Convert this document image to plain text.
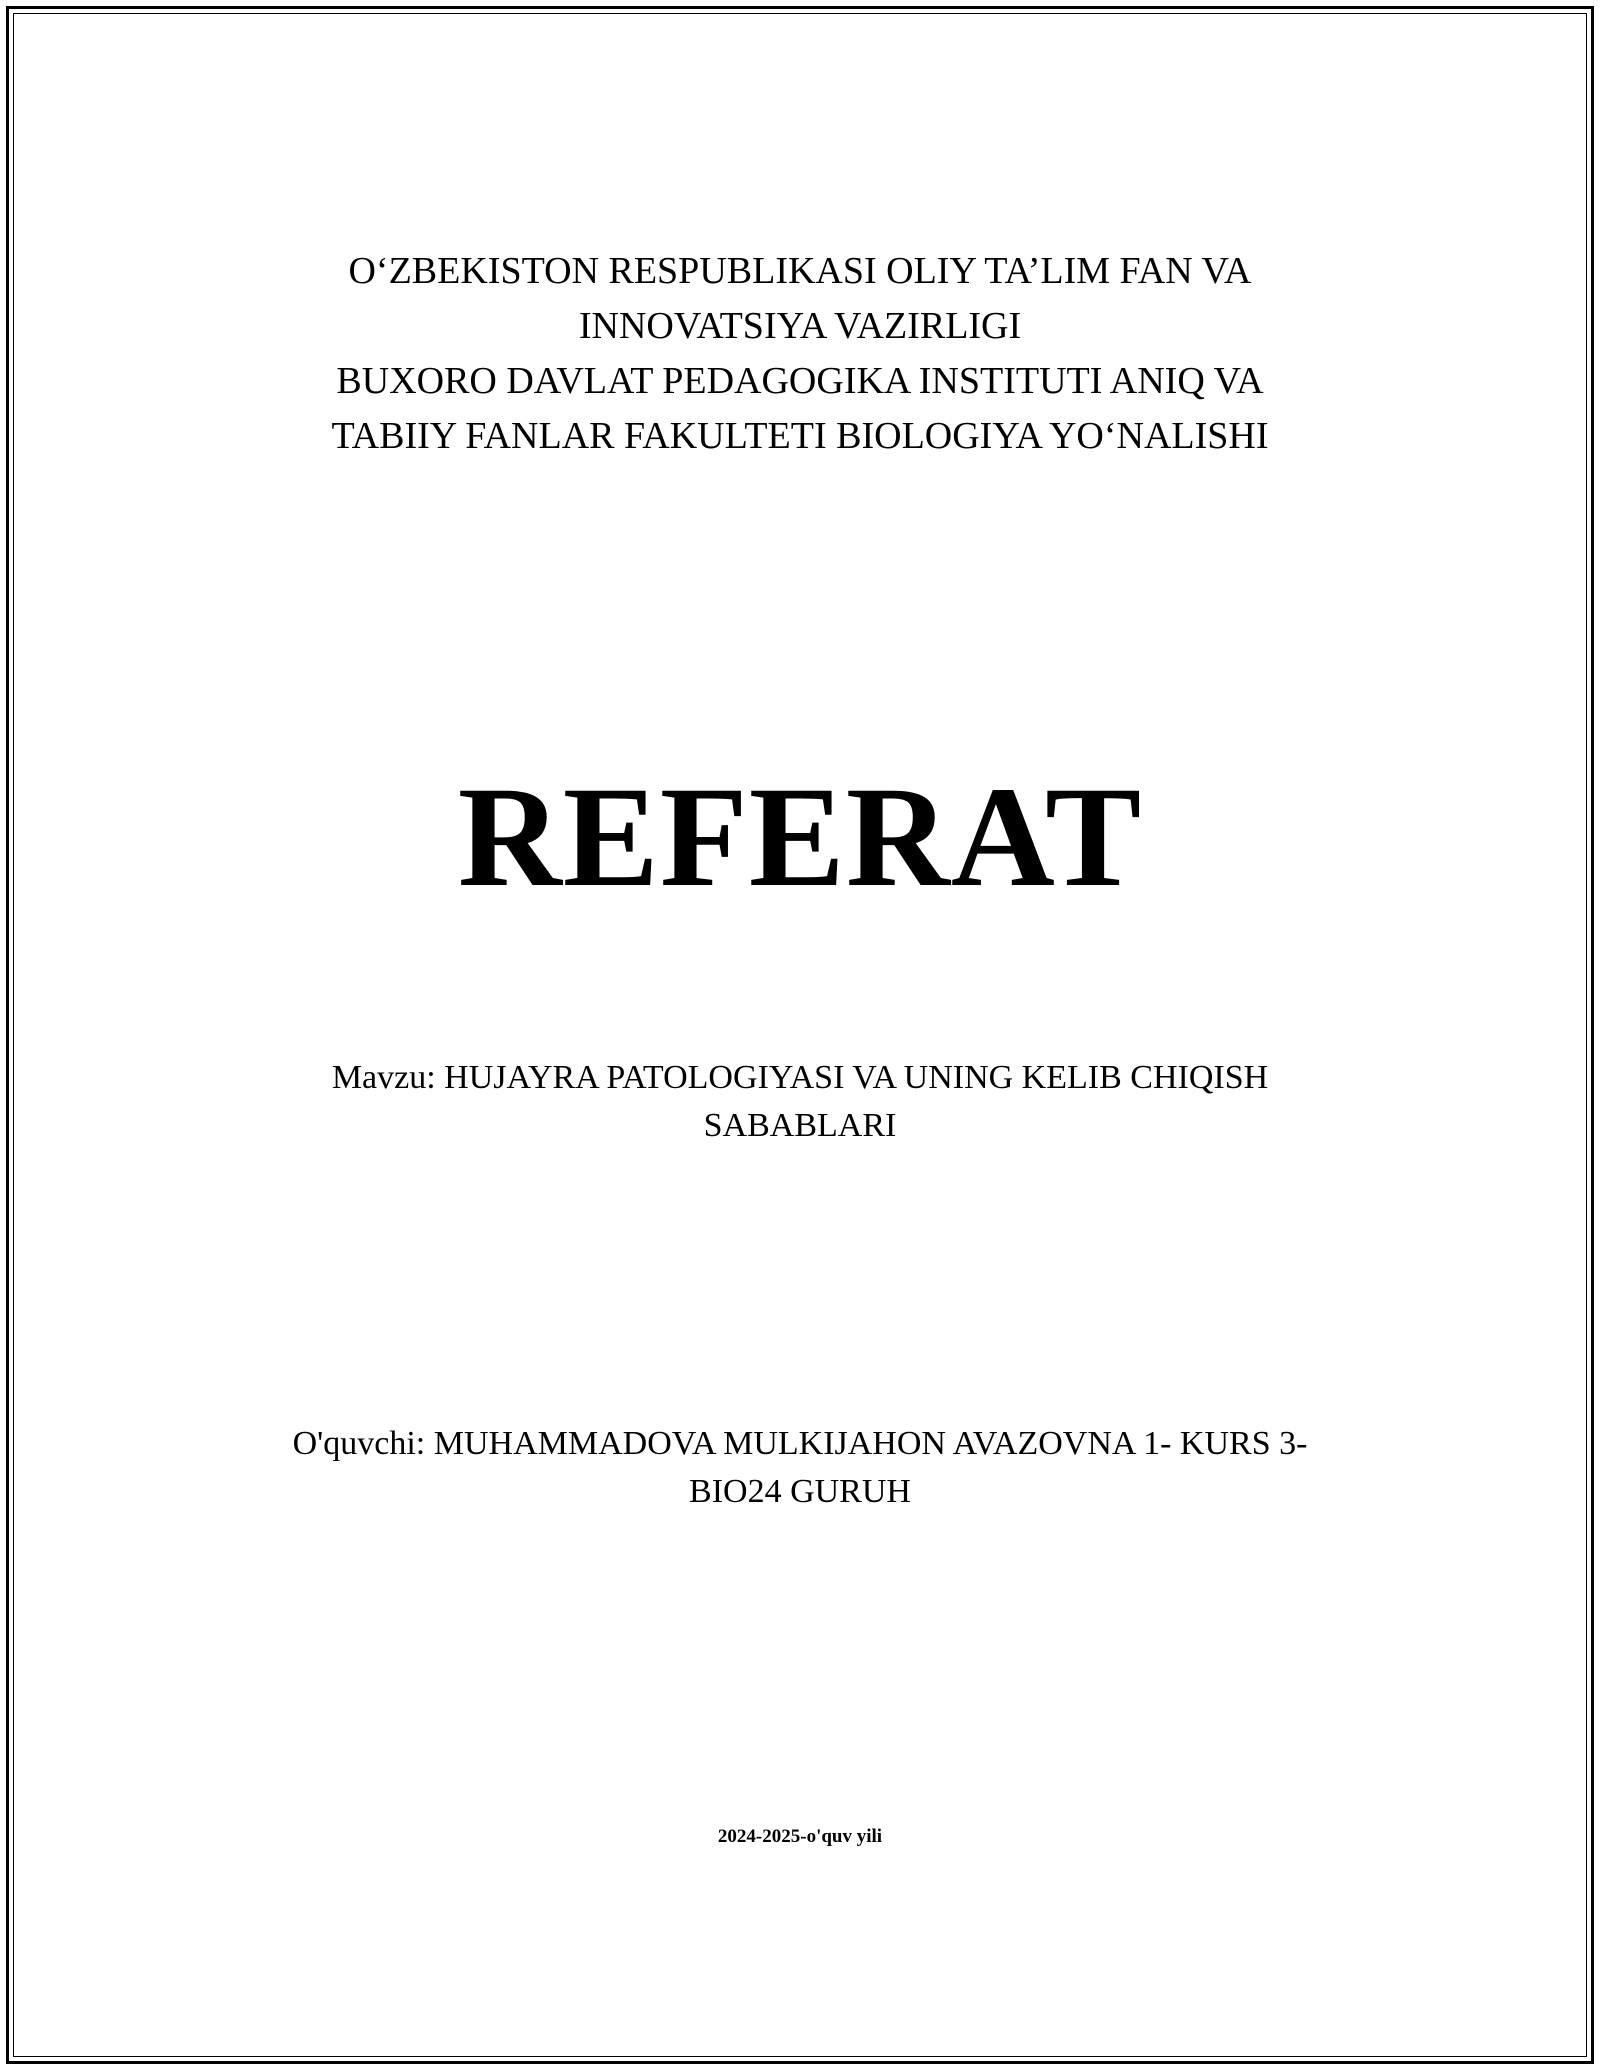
O‘ZBEKISTON RESPUBLIKASI OLIY TA’LIM FAN VA
INNOVATSIYA VAZIRLIGI
BUXORO DAVLAT PEDAGOGIKA INSTITUTI ANIQ VA
TABIIY FANLAR FAKULTETI BIOLOGIYA YO‘NALISHI
REFERAT
Mavzu: HUJAYRA PATOLOGIYASI VA UNING KELIB CHIQISH
SABABLARI
O'quvchi: MUHAMMADOVA MULKIJAHON AVAZOVNA 1- KURS 3-
BIO24 GURUH
2024-2025-o'quv yili
